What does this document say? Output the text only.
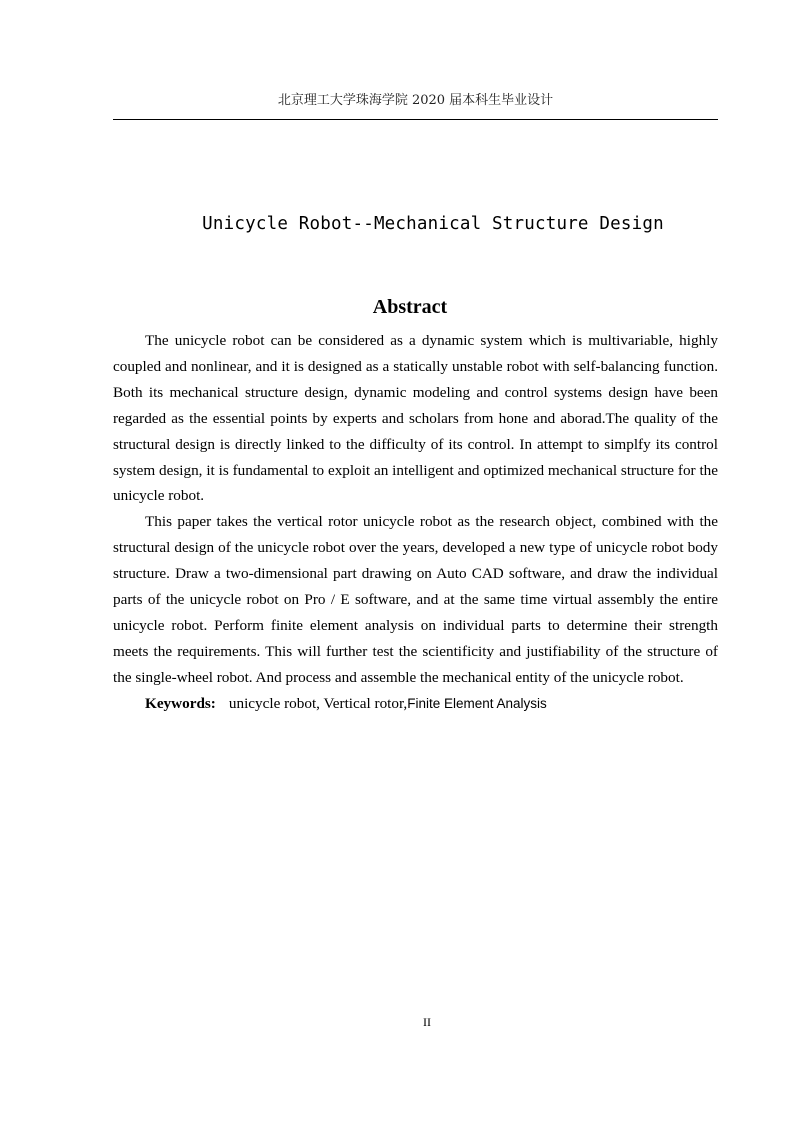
北京理工大学珠海学院 2020 届本科生毕业设计
Unicycle Robot--Mechanical Structure Design
Abstract

The unicycle robot can be considered as a dynamic system which is multivariable, highly coupled and nonlinear, and it is designed as a statically unstable robot with self-balancing function. Both its mechanical structure design, dynamic modeling and control systems design have been regarded as the essential points by experts and scholars from hone and aborad.The quality of the structural design is directly linked to the difficulty of its control. In attempt to simplfy its control system design, it is fundamental to exploit an intelligent and optimized mechanical structure for the unicycle robot.

This paper takes the vertical rotor unicycle robot as the research object, combined with the structural design of the unicycle robot over the years, developed a new type of unicycle robot body structure. Draw a two-dimensional part drawing on Auto CAD software, and draw the individual parts of the unicycle robot on Pro / E software, and at the same time virtual assembly the entire unicycle robot. Perform finite element analysis on individual parts to determine their strength meets the requirements. This will further test the scientificity and justifiability of the structure of the single-wheel robot. And process and assemble the mechanical entity of the unicycle robot.

Keywords: unicycle robot, Vertical rotor,Finite Element Analysis

II
